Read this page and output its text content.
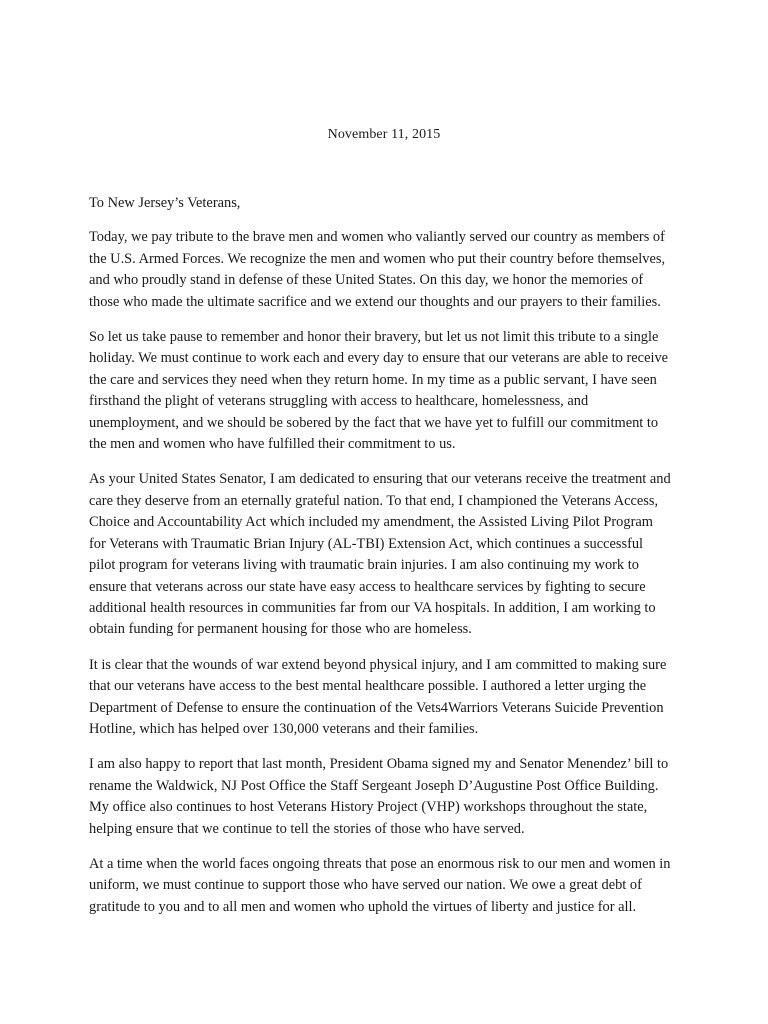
November 11, 2015

To New Jersey’s Veterans,

Today, we pay tribute to the brave men and women who valiantly served our country as members of the U.S. Armed Forces. We recognize the men and women who put their country before themselves, and who proudly stand in defense of these United States. On this day, we honor the memories of those who made the ultimate sacrifice and we extend our thoughts and our prayers to their families.

So let us take pause to remember and honor their bravery, but let us not limit this tribute to a single holiday. We must continue to work each and every day to ensure that our veterans are able to receive the care and services they need when they return home. In my time as a public servant, I have seen firsthand the plight of veterans struggling with access to healthcare, homelessness, and unemployment, and we should be sobered by the fact that we have yet to fulfill our commitment to the men and women who have fulfilled their commitment to us.

As your United States Senator, I am dedicated to ensuring that our veterans receive the treatment and care they deserve from an eternally grateful nation. To that end, I championed the Veterans Access, Choice and Accountability Act which included my amendment, the Assisted Living Pilot Program for Veterans with Traumatic Brian Injury (AL-TBI) Extension Act, which continues a successful pilot program for veterans living with traumatic brain injuries. I am also continuing my work to ensure that veterans across our state have easy access to healthcare services by fighting to secure additional health resources in communities far from our VA hospitals. In addition, I am working to obtain funding for permanent housing for those who are homeless.

It is clear that the wounds of war extend beyond physical injury, and I am committed to making sure that our veterans have access to the best mental healthcare possible. I authored a letter urging the Department of Defense to ensure the continuation of the Vets4Warriors Veterans Suicide Prevention Hotline, which has helped over 130,000 veterans and their families.

I am also happy to report that last month, President Obama signed my and Senator Menendez’ bill to rename the Waldwick, NJ Post Office the Staff Sergeant Joseph D’Augustine Post Office Building. My office also continues to host Veterans History Project (VHP) workshops throughout the state, helping ensure that we continue to tell the stories of those who have served.

At a time when the world faces ongoing threats that pose an enormous risk to our men and women in uniform, we must continue to support those who have served our nation. We owe a great debt of gratitude to you and to all men and women who uphold the virtues of liberty and justice for all.
